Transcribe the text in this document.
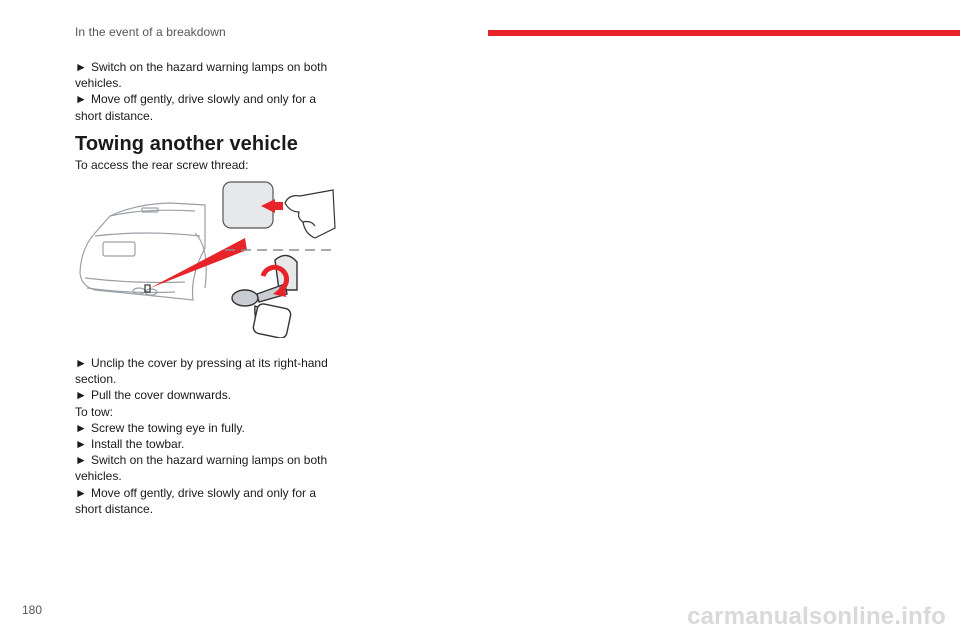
In the event of a breakdown

► Switch on the hazard warning lamps on both vehicles.

► Move off gently, drive slowly and only for a short distance.

Towing another vehicle
To access the rear screw thread:

► Unclip the cover by pressing at its right-hand section.

► Pull the cover downwards.

To tow:

► Screw the towing eye in fully.

► Install the towbar.

► Switch on the hazard warning lamps on both vehicles.

► Move off gently, drive slowly and only for a short distance.

180	carmanualsonline.info
